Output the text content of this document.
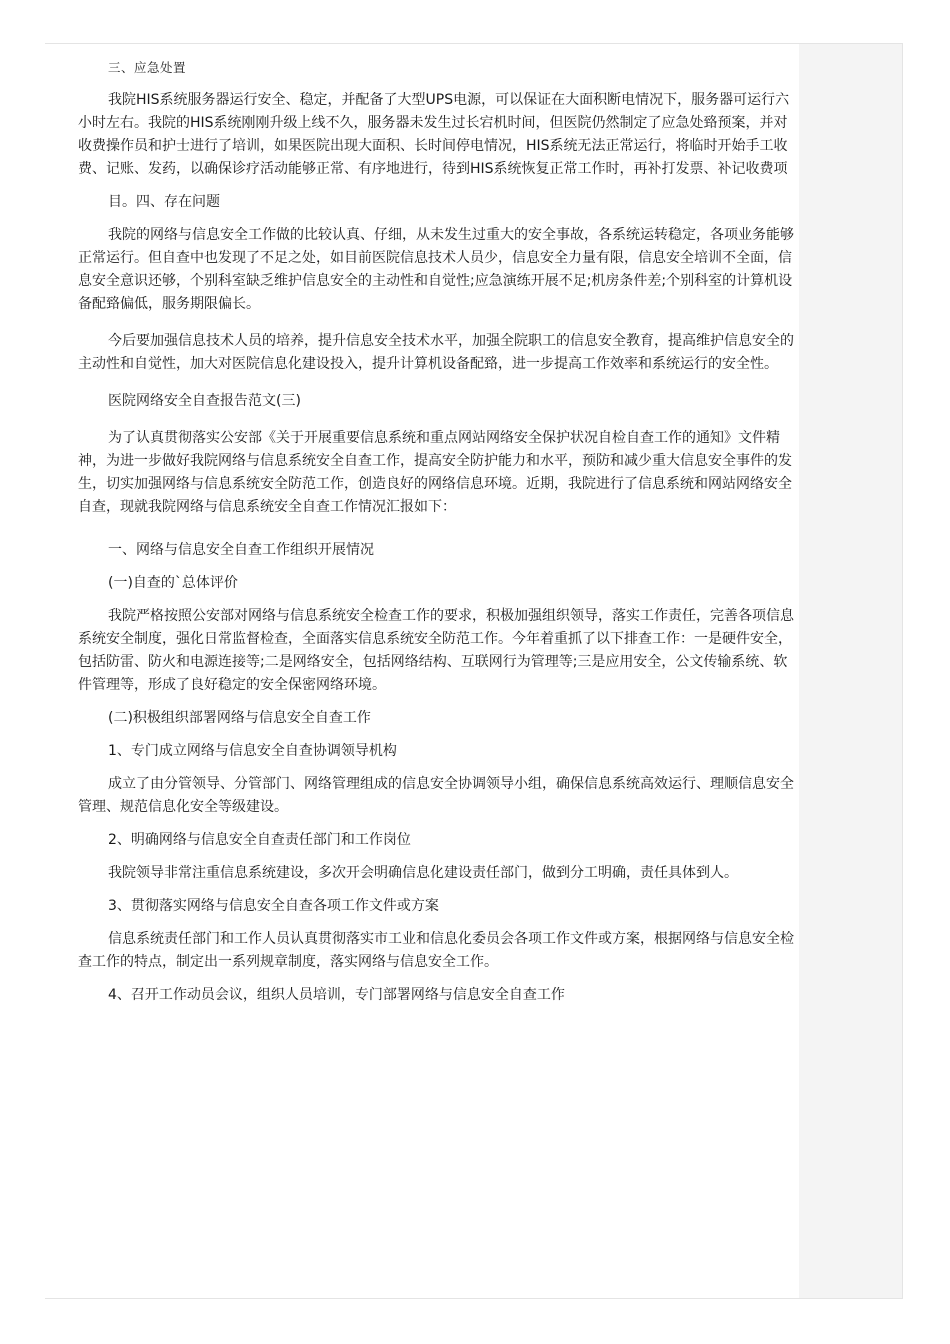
三、应急处置

我院HIS系统服务器运行安全、稳定，并配备了大型UPS电源，可以保证在大面积断电情况下，服务器可运行六小时左右。我院的HIS系统刚刚升级上线不久，服务器未发生过长宕机时间，但医院仍然制定了应急处臵预案，并对收费操作员和护士进行了培训，如果医院出现大面积、长时间停电情况，HIS系统无法正常运行，将临时开始手工收费、记账、发药，以确保诊疗活动能够正常、有序地进行，待到HIS系统恢复正常工作时，再补打发票、补记收费项

目。四、存在问题

我院的网络与信息安全工作做的比较认真、仔细，从未发生过重大的安全事故，各系统运转稳定，各项业务能够正常运行。但自查中也发现了不足之处，如目前医院信息技术人员少，信息安全力量有限，信息安全培训不全面，信息安全意识还够，个别科室缺乏维护信息安全的主动性和自觉性;应急演练开展不足;机房条件差;个别科室的计算机设备配臵偏低，服务期限偏长。

今后要加强信息技术人员的培养，提升信息安全技术水平，加强全院职工的信息安全教育，提高维护信息安全的主动性和自觉性，加大对医院信息化建设投入，提升计算机设备配臵，进一步提高工作效率和系统运行的安全性。

医院网络安全自查报告范文(三)

为了认真贯彻落实公安部《关于开展重要信息系统和重点网站网络安全保护状况自检自查工作的通知》文件精神，为进一步做好我院网络与信息系统安全自查工作，提高安全防护能力和水平，预防和减少重大信息安全事件的发生，切实加强网络与信息系统安全防范工作，创造良好的网络信息环境。近期，我院进行了信息系统和网站网络安全自查，现就我院网络与信息系统安全自查工作情况汇报如下：

一、网络与信息安全自查工作组织开展情况

(一)自查的`总体评价

我院严格按照公安部对网络与信息系统安全检查工作的要求，积极加强组织领导，落实工作责任，完善各项信息系统安全制度，强化日常监督检查，全面落实信息系统安全防范工作。今年着重抓了以下排查工作：一是硬件安全，包括防雷、防火和电源连接等;二是网络安全，包括网络结构、互联网行为管理等;三是应用安全，公文传输系统、软件管理等，形成了良好稳定的安全保密网络环境。

(二)积极组织部署网络与信息安全自查工作

1、专门成立网络与信息安全自查协调领导机构

成立了由分管领导、分管部门、网络管理组成的信息安全协调领导小组，确保信息系统高效运行、理顺信息安全管理、规范信息化安全等级建设。

2、明确网络与信息安全自查责任部门和工作岗位

我院领导非常注重信息系统建设，多次开会明确信息化建设责任部门，做到分工明确，责任具体到人。

3、贯彻落实网络与信息安全自查各项工作文件或方案

信息系统责任部门和工作人员认真贯彻落实市工业和信息化委员会各项工作文件或方案，根据网络与信息安全检查工作的特点，制定出一系列规章制度，落实网络与信息安全工作。

4、召开工作动员会议，组织人员培训，专门部署网络与信息安全自查工作
